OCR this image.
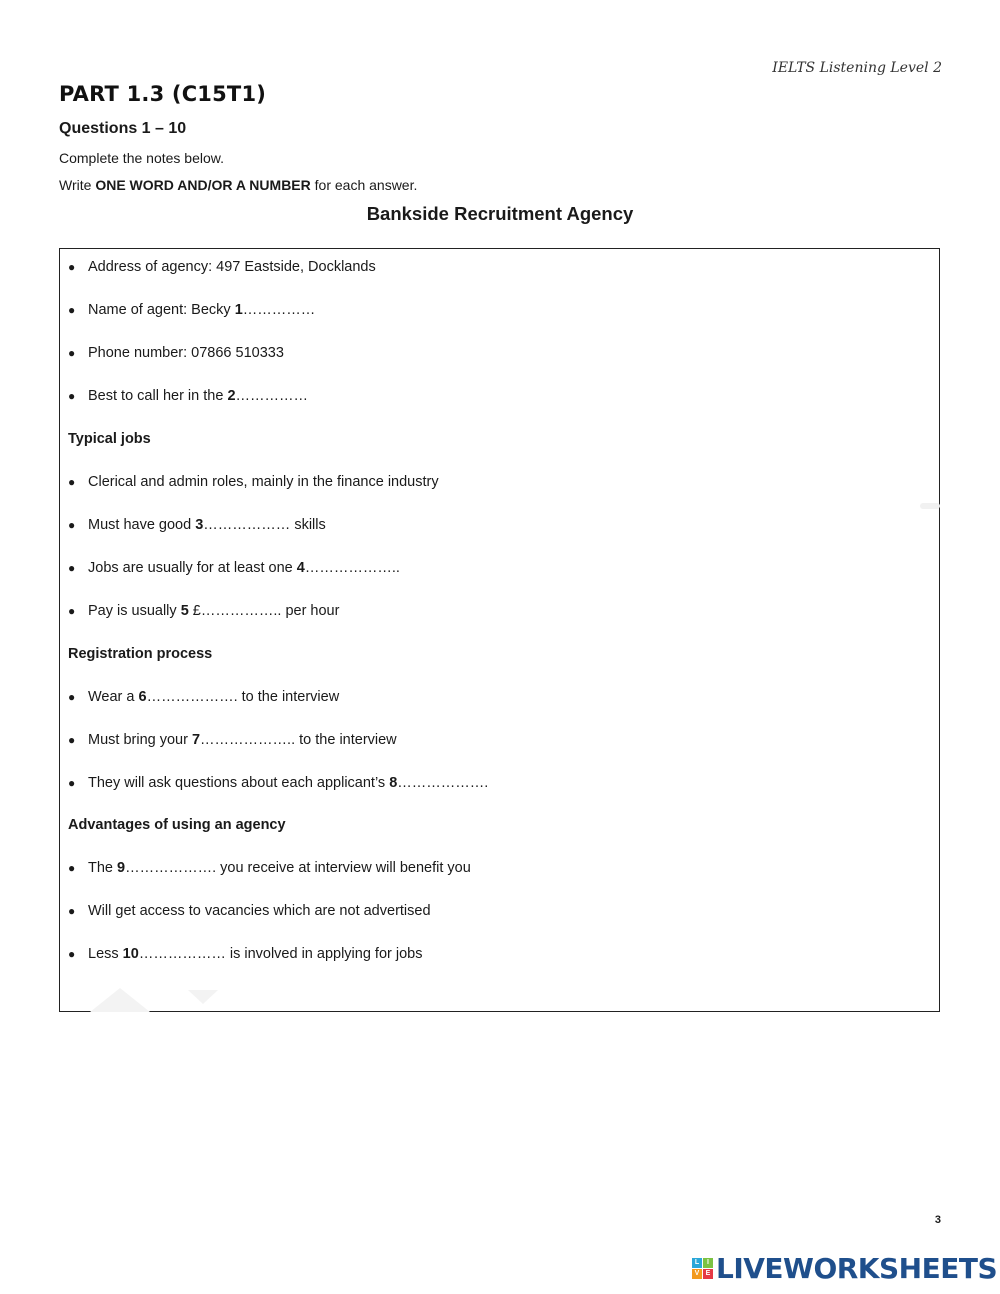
IELTS Listening Level 2
PART 1.3 (C15T1)
Questions 1 – 10
Complete the notes below.
Write ONE WORD AND/OR A NUMBER for each answer.
Bankside Recruitment Agency
● Address of agency: 497 Eastside, Docklands
● Name of agent: Becky 1……………
● Phone number: 07866 510333
● Best to call her in the 2……………
Typical jobs
● Clerical and admin roles, mainly in the finance industry
● Must have good 3……………… skills
● Jobs are usually for at least one 4………………..
● Pay is usually 5 £…………….. per hour
Registration process
● Wear a 6………………. to the interview
● Must bring your 7……………….. to the interview
● They will ask questions about each applicant’s 8……………….
Advantages of using an agency
● The 9………………. you receive at interview will benefit you
● Will get access to vacancies which are not advertised
● Less 10……………… is involved in applying for jobs
3
L	I
V E LIVEWORKSHEETS
